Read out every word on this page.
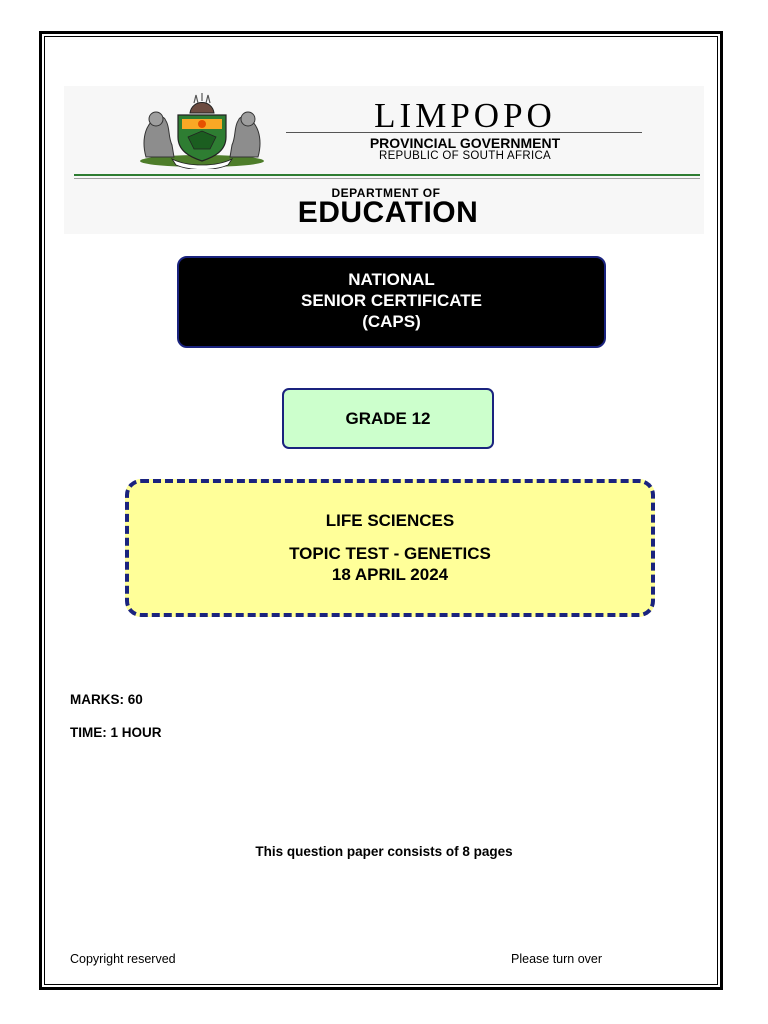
LIMPOPO
PROVINCIAL GOVERNMENT
REPUBLIC OF SOUTH AFRICA
DEPARTMENT OF
EDUCATION
NATIONAL
SENIOR CERTIFICATE
(CAPS)
GRADE 12
LIFE SCIENCES
TOPIC TEST - GENETICS
18 APRIL 2024
MARKS: 60
TIME: 1 HOUR
This question paper consists of 8 pages
Copyright reserved	Please turn over
